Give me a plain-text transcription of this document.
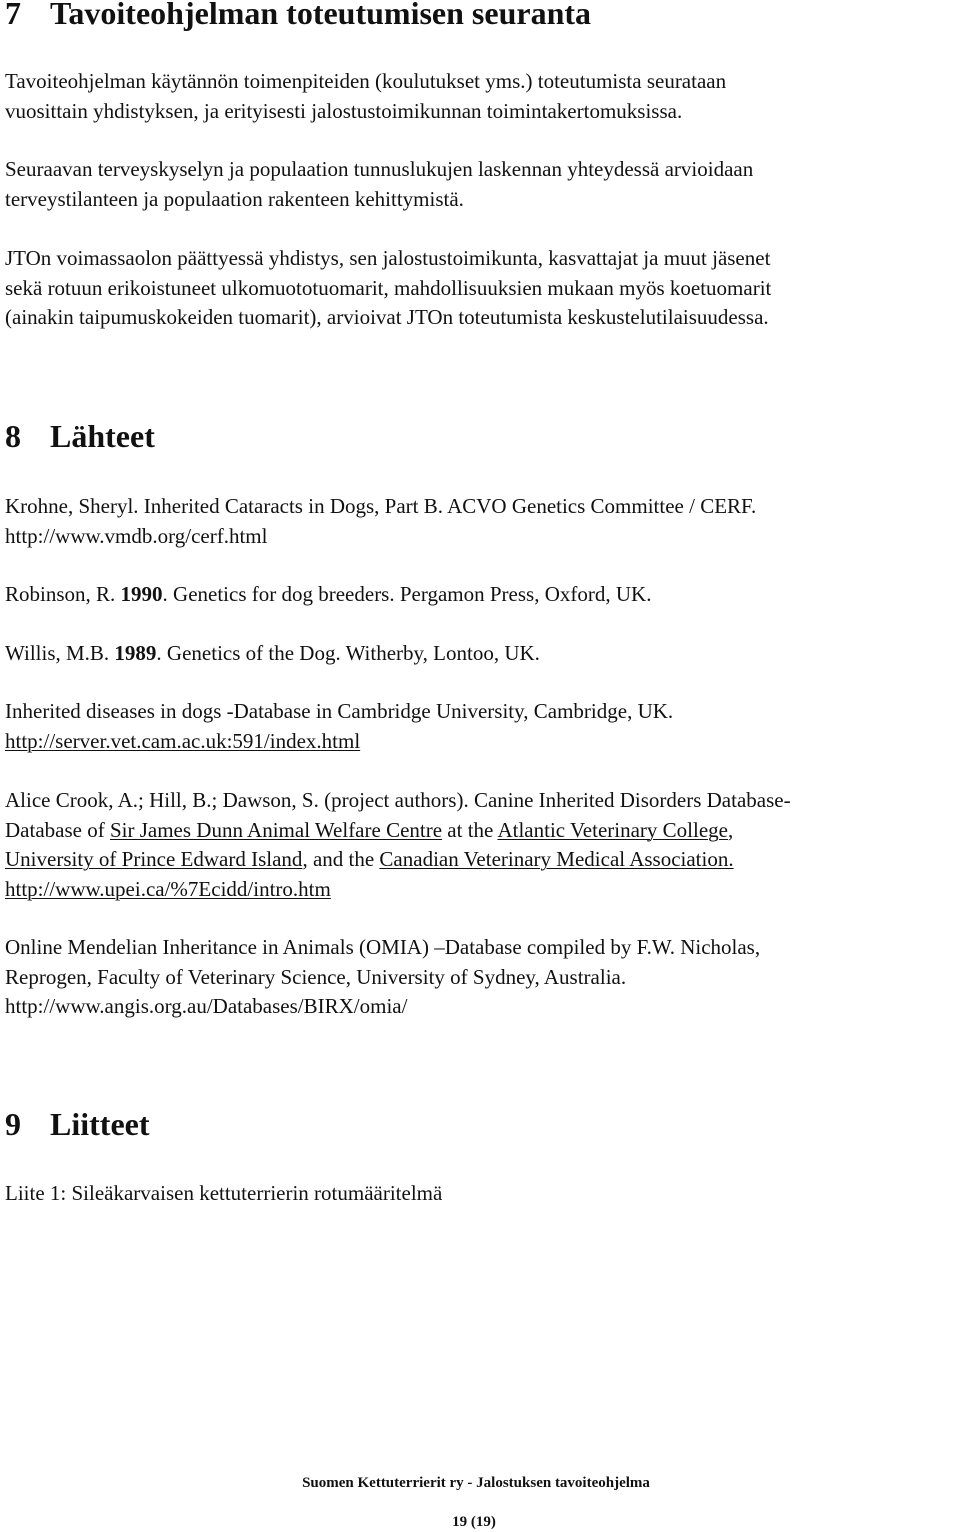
7 Tavoiteohjelman toteutumisen seuranta

Tavoiteohjelman käytännön toimenpiteiden (koulutukset yms.) toteutumista seurataan
vuosittain yhdistyksen, ja erityisesti jalostustoimikunnan toimintakertomuksissa.

Seuraavan terveyskyselyn ja populaation tunnuslukujen laskennan yhteydessä arvioidaan
terveystilanteen ja populaation rakenteen kehittymistä.

JTOn voimassaolon päättyessä yhdistys, sen jalostustoimikunta, kasvattajat ja muut jäsenet
sekä rotuun erikoistuneet ulkomuototuomarit, mahdollisuuksien mukaan myös koetuomarit
(ainakin taipumuskokeiden tuomarit), arvioivat JTOn toteutumista keskustelutilaisuudessa.

8 Lähteet

Krohne, Sheryl. Inherited Cataracts in Dogs, Part B. ACVO Genetics Committee / CERF.
http://www.vmdb.org/cerf.html

Robinson, R. 1990. Genetics for dog breeders. Pergamon Press, Oxford, UK.

Willis, M.B. 1989. Genetics of the Dog. Witherby, Lontoo, UK.

Inherited diseases in dogs -Database in Cambridge University, Cambridge, UK.
http://server.vet.cam.ac.uk:591/index.html

Alice Crook, A.; Hill, B.; Dawson, S. (project authors). Canine Inherited Disorders Database-
Database of Sir James Dunn Animal Welfare Centre at the Atlantic Veterinary College,
University of Prince Edward Island, and the Canadian Veterinary Medical Association.
http://www.upei.ca/%7Ecidd/intro.htm

Online Mendelian Inheritance in Animals (OMIA) –Database compiled by F.W. Nicholas,
Reprogen, Faculty of Veterinary Science, University of Sydney, Australia.
http://www.angis.org.au/Databases/BIRX/omia/

9 Liitteet

Liite 1: Sileäkarvaisen kettuterrierin rotumääritelmä

Suomen Kettuterrierit ry - Jalostuksen tavoiteohjelma
19 (19)
